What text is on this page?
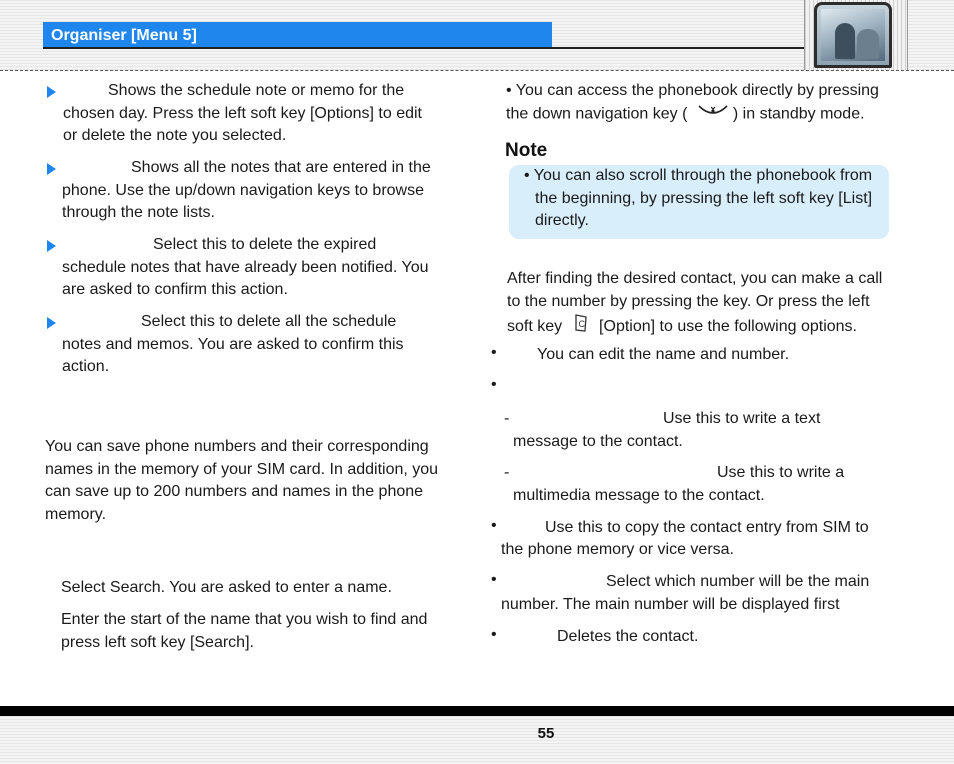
Organiser [Menu 5]
Shows the schedule note or memo for the chosen day. Press the left soft key [Options] to edit or delete the note you selected.
Shows all the notes that are entered in the phone. Use the up/down navigation keys to browse through the note lists.
Select this to delete the expired schedule notes that have already been notified. You are asked to confirm this action.
Select this to delete all the schedule notes and memos. You are asked to confirm this action.
You can save phone numbers and their corresponding names in the memory of your SIM card. In addition, you can save up to 200 numbers and names in the phone memory.
Select Search. You are asked to enter a name.
Enter the start of the name that you wish to find and press left soft key [Search].
• You can access the phonebook directly by pressing the down navigation key (	) in standby mode.
Note
• You can also scroll through the phonebook from the beginning, by pressing the left soft key [List] directly.
After finding the desired contact, you can make a call to the number by pressing the key. Or press the left soft key C [Option] to use the following options.
•	You can edit the name and number.
•
-	Use this to write a text
message to the contact.
-	Use this to write a
multimedia message to the contact.
•	Use this to copy the contact entry from SIM to
the phone memory or vice versa.
•	Select which number will be the main
number. The main number will be displayed first
•	Deletes the contact.
55
